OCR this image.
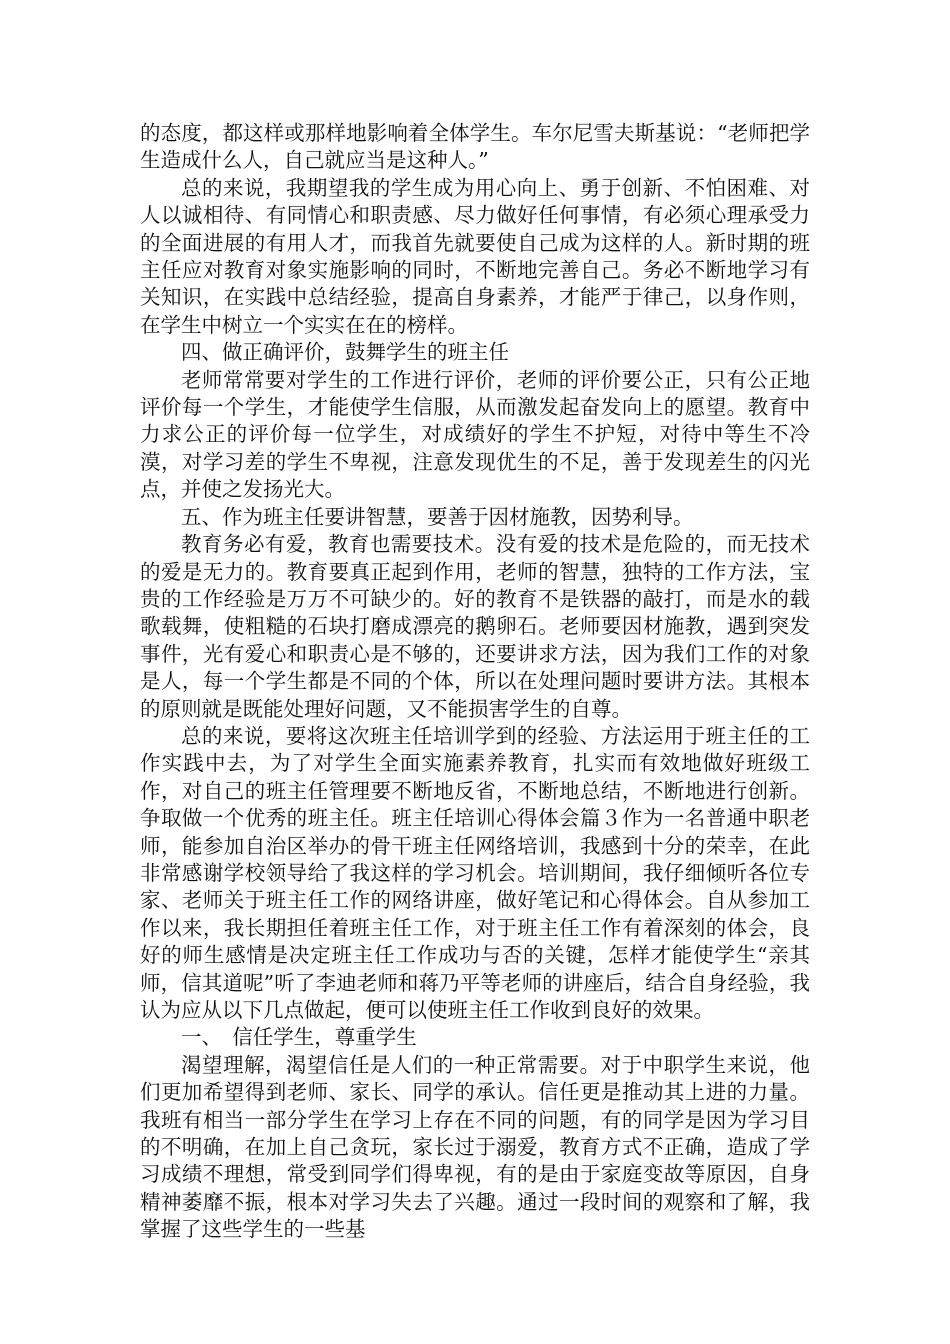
的态度，都这样或那样地影响着全体学生。车尔尼雪夫斯基说：“老师把学生造成什么人，自己就应当是这种人。”

总的来说，我期望我的学生成为用心向上、勇于创新、不怕困难、对人以诚相待、有同情心和职责感、尽力做好任何事情，有必须心理承受力的全面进展的有用人才，而我首先就要使自己成为这样的人。新时期的班主任应对教育对象实施影响的同时，不断地完善自己。务必不断地学习有关知识，在实践中总结经验，提高自身素养，才能严于律己，以身作则，在学生中树立一个实实在在的榜样。

四、做正确评价，鼓舞学生的班主任

老师常常要对学生的工作进行评价，老师的评价要公正，只有公正地评价每一个学生，才能使学生信服，从而激发起奋发向上的愿望。教育中力求公正的评价每一位学生，对成绩好的学生不护短，对待中等生不冷漠，对学习差的学生不卑视，注意发现优生的不足，善于发现差生的闪光点，并使之发扬光大。

五、作为班主任要讲智慧，要善于因材施教，因势利导。

教育务必有爱，教育也需要技术。没有爱的技术是危险的，而无技术的爱是无力的。教育要真正起到作用，老师的智慧，独特的工作方法，宝贵的工作经验是万万不可缺少的。好的教育不是铁器的敲打，而是水的载歌载舞，使粗糙的石块打磨成漂亮的鹅卵石。老师要因材施教，遇到突发事件，光有爱心和职责心是不够的，还要讲求方法，因为我们工作的对象是人，每一个学生都是不同的个体，所以在处理问题时要讲方法。其根本的原则就是既能处理好问题，又不能损害学生的自尊。

总的来说，要将这次班主任培训学到的经验、方法运用于班主任的工作实践中去，为了对学生全面实施素养教育，扎实而有效地做好班级工作，对自己的班主任管理要不断地反省，不断地总结，不断地进行创新。争取做一个优秀的班主任。班主任培训心得体会篇３作为一名普通中职老师，能参加自治区举办的骨干班主任网络培训，我感到十分的荣幸，在此非常感谢学校领导给了我这样的学习机会。培训期间，我仔细倾听各位专家、老师关于班主任工作的网络讲座，做好笔记和心得体会。自从参加工作以来，我长期担任着班主任工作，对于班主任工作有着深刻的体会，良好的师生感情是决定班主任工作成功与否的关键，怎样才能使学生“亲其师，信其道呢”听了李迪老师和蒋乃平等老师的讲座后，结合自身经验，我认为应从以下几点做起，便可以使班主任工作收到良好的效果。

一、　信任学生，尊重学生

渴望理解，渴望信任是人们的一种正常需要。对于中职学生来说，他们更加希望得到老师、家长、同学的承认。信任更是推动其上进的力量。我班有相当一部分学生在学习上存在不同的问题，有的同学是因为学习目的不明确，在加上自己贪玩，家长过于溺爱，教育方式不正确，造成了学习成绩不理想，常受到同学们得卑视，有的是由于家庭变故等原因，自身精神萎靡不振，根本对学习失去了兴趣。通过一段时间的观察和了解，我掌握了这些学生的一些基
